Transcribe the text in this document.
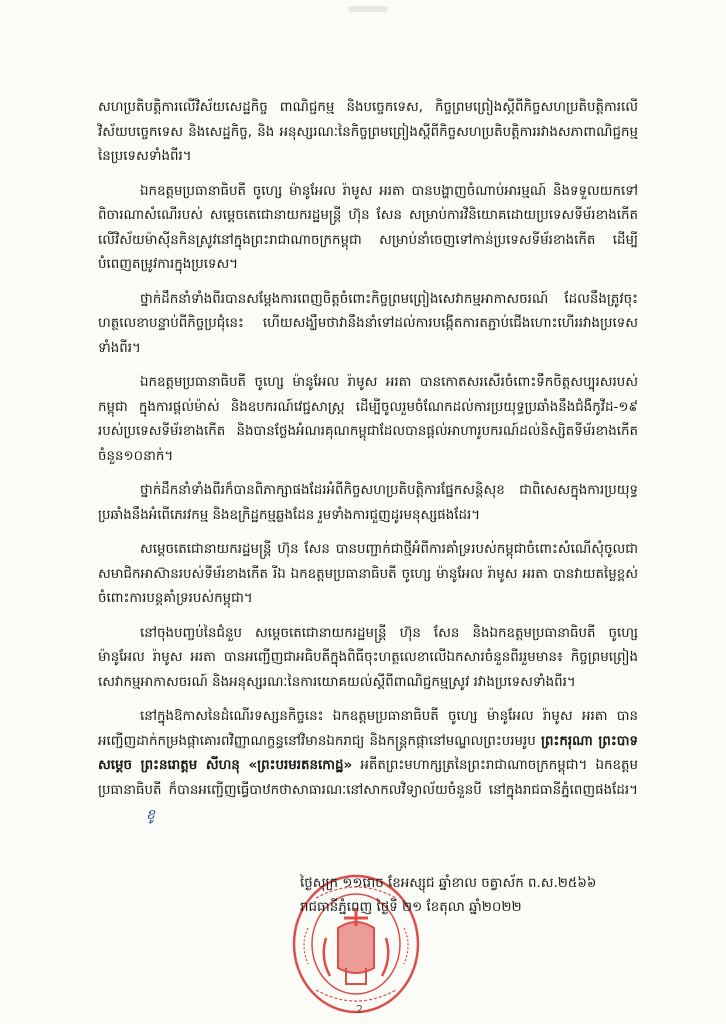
សហប្រតិបត្តិការលើវិស័យសេដ្ឋកិច្ច ពាណិជ្ជកម្ម និងបច្ចេកទេស, កិច្ចព្រមព្រៀងស្តីពីកិច្ចសហប្រតិបត្តិការលើវិស័យបច្ចេកទេស និងសេដ្ឋកិច្ច, និង អនុស្សរណៈនៃកិច្ចព្រមព្រៀងស្តីពីកិច្ចសហប្រតិបត្តិការរវាងសភាពាណិជ្ជកម្មនៃប្រទេសទាំងពីរ។

ឯកឧត្តមប្រធានាធិបតី ចូហ្សេ ម៉ានូអែល រ៉ាមូស អរតា បានបង្ហាញចំណាប់អារម្មណ៍ និងទទួលយកទៅពិចារណាសំណើរបស់ សម្តេចតេជោនាយករដ្ឋមន្ត្រី ហ៊ុន សែន សម្រាប់ការវិនិយោគដោយប្រទេសទីម័រខាងកើត លើវិស័យម៉ាស៊ីនកិនស្រូវនៅក្នុងព្រះរាជាណាចក្រកម្ពុជា សម្រាប់នាំចេញទៅកាន់ប្រទេសទីម័រខាងកើត ដើម្បីបំពេញតម្រូវការក្នុងប្រទេស។

ថ្នាក់ដឹកនាំទាំងពីរបានសម្តែងការពេញចិត្តចំពោះកិច្ចព្រមព្រៀងសេវាកម្មអាកាសចរណ៍ ដែលនឹងត្រូវចុះហត្ថលេខាបន្ទាប់ពីកិច្ចប្រជុំនេះ ហើយសង្ឃឹមថាវានឹងនាំទៅដល់ការបង្កើតការតភ្ជាប់ជើងហោះហើររវាងប្រទេសទាំងពីរ។

ឯកឧត្តមប្រធានាធិបតី ចូហ្សេ ម៉ានូអែល រ៉ាមូស អរតា បានកោតសរសើរចំពោះទឹកចិត្តសប្បុរសរបស់កម្ពុជា ក្នុងការផ្តល់ម៉ាស់ និងឧបករណ៍វេជ្ជសាស្ត្រ ដើម្បីចូលរួមចំណែកដល់ការប្រយុទ្ធប្រឆាំងនឹងជំងឺកូវីដ-១៩ របស់ប្រទេសទីម័រខាងកើត និងបានថ្លែងអំណរគុណកម្ពុជាដែលបានផ្តល់អាហារូបករណ៍ដល់និស្សិតទីម័រខាងកើតចំនួន១០នាក់។

ថ្នាក់ដឹកនាំទាំងពីរក៏បានពិភាក្សាផងដែរអំពីកិច្ចសហប្រតិបត្តិការផ្នែកសន្តិសុខ ជាពិសេសក្នុងការប្រយុទ្ធប្រឆាំងនឹងអំពើភេរវកម្ម និងឧក្រិដ្ឋកម្មឆ្លងដែន រួមទាំងការជួញដូរមនុស្សផងដែរ។

សម្តេចតេជោនាយករដ្ឋមន្ត្រី ហ៊ុន សែន បានបញ្ជាក់ជាថ្មីអំពីការគាំទ្ររបស់កម្ពុជាចំពោះសំណើសុំចូលជាសមាជិកអាស៊ានរបស់ទីម័រខាងកើត រីឯ ឯកឧត្តមប្រធានាធិបតី ចូហ្សេ ម៉ានូអែល រ៉ាមូស អរតា បានវាយតម្លៃខ្ពស់ចំពោះការបន្តគាំទ្ររបស់កម្ពុជា។

នៅចុងបញ្ចប់នៃជំនួប សម្តេចតេជោនាយករដ្ឋមន្ត្រី ហ៊ុន សែន និងឯកឧត្តមប្រធានាធិបតី ចូហ្សេ ម៉ានូអែល រ៉ាមូស អរតា បានអញ្ជើញជាអធិបតីក្នុងពិធីចុះហត្ថលេខាលើឯកសារចំនួនពីររួមមាន៖ កិច្ចព្រមព្រៀងសេវាកម្មអាកាសចរណ៍ និងអនុស្សរណៈនៃការយោគយល់ស្តីពីពាណិជ្ជកម្មស្រូវ រវាងប្រទេសទាំងពីរ។

នៅក្នុងឱកាសនៃដំណើរទស្សនកិច្ចនេះ ឯកឧត្តមប្រធានាធិបតី ចូហ្សេ ម៉ានូអែល រ៉ាមូស អរតា បានអញ្ជើញដាក់កម្រងផ្កាគោរពវិញ្ញាណក្ខន្ធនៅវិមានឯករាជ្យ និងកន្ត្រកផ្កានៅមណ្ឌលព្រះបរមរូប ព្រះករុណា ព្រះបាទសម្តេច ព្រះនរោត្តម សីហនុ «ព្រះបរមរតនកោដ្ឋ» អតីតព្រះមហាក្សត្រនៃព្រះរាជាណាចក្រកម្ពុជា។ ឯកឧត្តមប្រធានាធិបតី ក៏បានអញ្ជើញធ្វើបាឋកថាសាធារណៈនៅសាកលវិទ្យាល័យចំនួនបី នៅក្នុងរាជធានីភ្នំពេញផងដែរ។ខូ

ថ្ងៃសុក្រ ១១រោច ខែអស្សុជ ឆ្នាំខាល ចត្វាស័ក ព.ស.២៥៦៦
រាជធានីភ្នំពេញ ថ្ងៃទី ២១ ខែតុលា ឆ្នាំ២០២២
2
